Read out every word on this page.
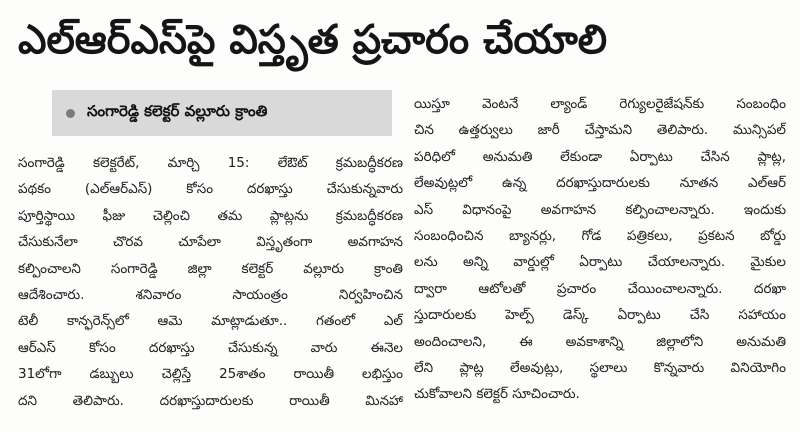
ఎల్‌ఆర్‌ఎస్‌పై విస్తృత ప్రచారం చేయాలి
సంగారెడ్డి కలెక్టర్‌ వల్లూరు క్రాంతి
సంగారెడ్డి కలెక్టరేట్‌, మార్చి 15: లేఔట్‌ క్రమబద్ధీకరణ
పథకం (ఎల్‌ఆర్‌ఎస్‌) కోసం దరఖాస్తు చేసుకున్నవారు
పూర్తిస్థాయి ఫీజు చెల్లించి తమ ప్లాట్లను క్రమబద్ధీకరణ
చేసుకునేలా చొరవ చూపేలా విస్తృతంగా అవగాహన
కల్పించాలని సంగారెడ్డి జిల్లా కలెక్టర్‌ వల్లూరు క్రాంతి
ఆదేశించారు. శనివారం సాయంత్రం నిర్వహించిన
టెలీ కాన్ఫరెన్స్‌లో ఆమె మాట్లాడుతూ.. గతంలో ఎల్‌
ఆర్‌ఎస్‌ కోసం దరఖాస్తు చేసుకున్న వారు ఈనెల
31లోగా డబ్బులు చెల్లిస్తే 25శాతం రాయితీ లభిస్తుం
దని తెలిపారు. దరఖాస్తుదారులకు రాయితీ మినహా
యిస్తూ వెంటనే ల్యాండ్‌ రెగ్యులరైజేషన్‌కు సంబంధిం
చిన ఉత్తర్వులు జారీ చేస్తామని తెలిపారు. మున్సిపల్‌
పరిధిలో అనుమతి లేకుండా ఏర్పాటు చేసిన ప్లాట్ల,
లేఅవుట్లలో ఉన్న దరఖాస్తుదారులకు నూతన ఎల్‌ఆర్‌
ఎస్‌ విధానంపై అవగాహన కల్పించాలన్నారు. ఇందుకు
సంబంధించిన బ్యానర్లు, గోడ పత్రికలు, ప్రకటన బోర్డు
లను అన్ని వార్డుల్లో ఏర్పాటు చేయాలన్నారు. మైకుల
ద్వారా ఆటోలతో ప్రచారం చేయించాలన్నారు. దరఖా
స్తుదారులకు హెల్ప్‌ డెస్క్‌ ఏర్పాటు చేసి సహాయం
అందించాలని, ఈ అవకాశాన్ని జిల్లాలోని అనుమతి
లేని ప్లాట్ల లేఅవుట్లు, స్థలాలు కొన్నవారు వినియోగిం
చుకోవాలని కలెక్టర్‌ సూచించారు.
